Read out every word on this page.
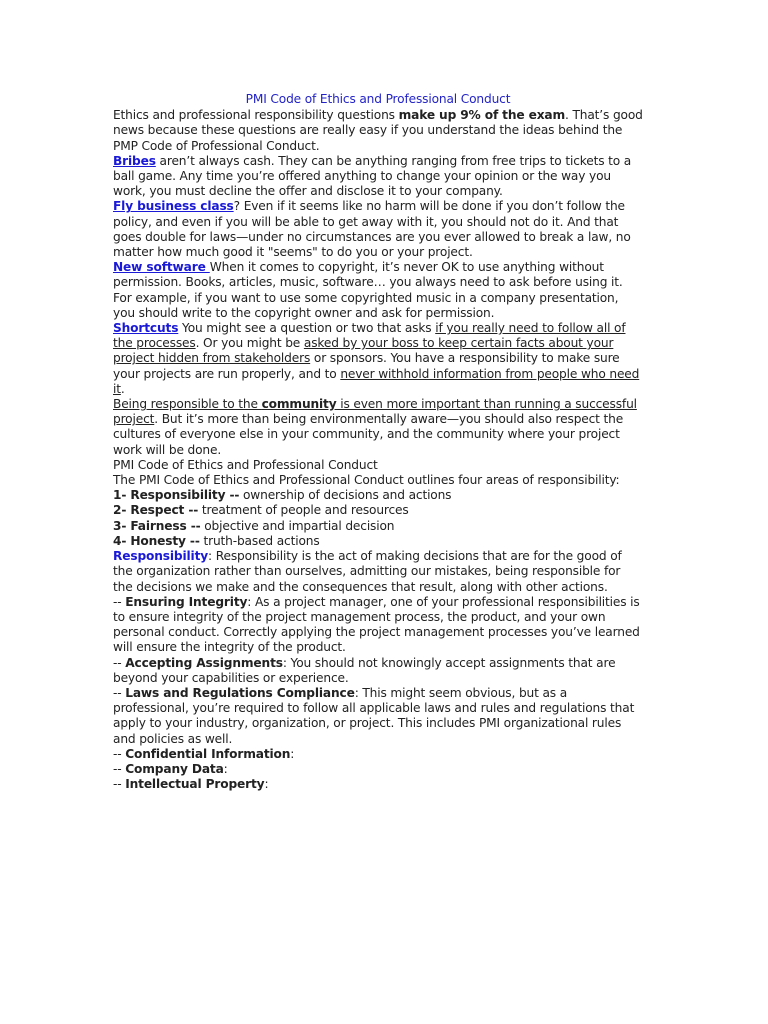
PMI Code of Ethics and Professional Conduct

Ethics and professional responsibility questions make up 9% of the exam. That’s good news because these questions are really easy if you understand the ideas behind the PMP Code of Professional Conduct.

Bribes aren’t always cash. They can be anything ranging from free trips to tickets to a ball game. Any time you’re offered anything to change your opinion or the way you work, you must decline the offer and disclose it to your company.

Fly business class? Even if it seems like no harm will be done if you don’t follow the policy, and even if you will be able to get away with it, you should not do it. And that goes double for laws—under no circumstances are you ever allowed to break a law, no matter how much good it "seems" to do you or your project.

New software When it comes to copyright, it’s never OK to use anything without permission. Books, articles, music, software… you always need to ask before using it. For example, if you want to use some copyrighted music in a company presentation, you should write to the copyright owner and ask for permission.

Shortcuts You might see a question or two that asks if you really need to follow all of the processes. Or you might be asked by your boss to keep certain facts about your project hidden from stakeholders or sponsors. You have a responsibility to make sure your projects are run properly, and to never withhold information from people who need it.

Being responsible to the community is even more important than running a successful project. But it’s more than being environmentally aware—you should also respect the cultures of everyone else in your community, and the community where your project work will be done.

PMI Code of Ethics and Professional Conduct

The PMI Code of Ethics and Professional Conduct outlines four areas of responsibility:

1- Responsibility -- ownership of decisions and actions

2- Respect -- treatment of people and resources

3- Fairness -- objective and impartial decision

4- Honesty -- truth-based actions

Responsibility: Responsibility is the act of making decisions that are for the good of the organization rather than ourselves, admitting our mistakes, being responsible for the decisions we make and the consequences that result, along with other actions.

-- Ensuring Integrity: As a project manager, one of your professional responsibilities is to ensure integrity of the project management process, the product, and your own personal conduct. Correctly applying the project management processes you’ve learned will ensure the integrity of the product.

-- Accepting Assignments: You should not knowingly accept assignments that are beyond your capabilities or experience.

-- Laws and Regulations Compliance: This might seem obvious, but as a professional, you’re required to follow all applicable laws and rules and regulations that apply to your industry, organization, or project. This includes PMI organizational rules and policies as well.

-- Confidential Information:

-- Company Data:

-- Intellectual Property:
